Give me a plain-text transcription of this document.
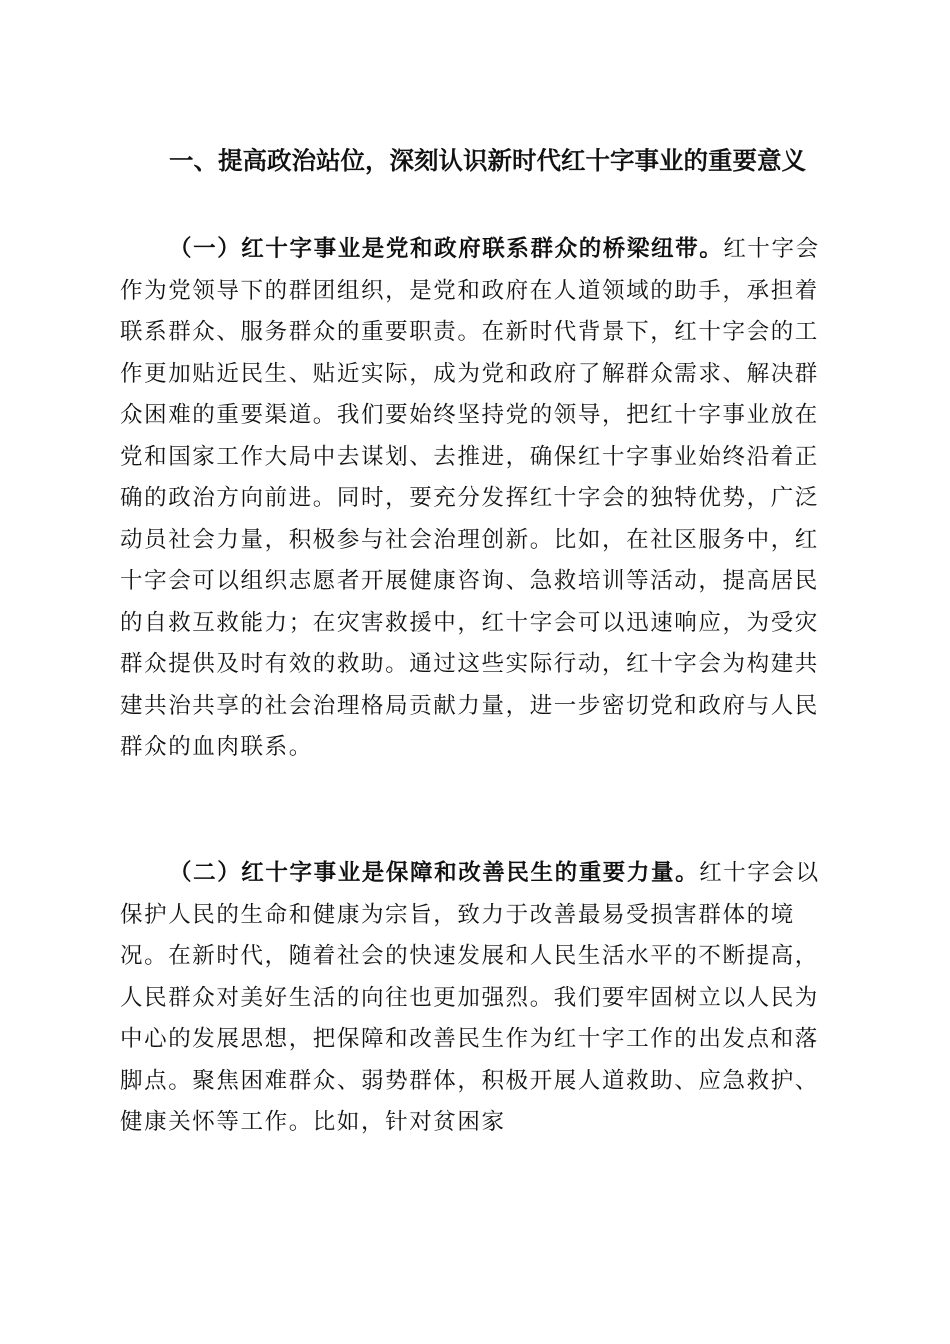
一、提高政治站位，深刻认识新时代红十字事业的重要意义

（一）红十字事业是党和政府联系群众的桥梁纽带。红十字会作为党领导下的群团组织，是党和政府在人道领域的助手，承担着联系群众、服务群众的重要职责。在新时代背景下，红十字会的工作更加贴近民生、贴近实际，成为党和政府了解群众需求、解决群众困难的重要渠道。我们要始终坚持党的领导，把红十字事业放在党和国家工作大局中去谋划、去推进，确保红十字事业始终沿着正确的政治方向前进。同时，要充分发挥红十字会的独特优势，广泛动员社会力量，积极参与社会治理创新。比如，在社区服务中，红十字会可以组织志愿者开展健康咨询、急救培训等活动，提高居民的自救互救能力；在灾害救援中，红十字会可以迅速响应，为受灾群众提供及时有效的救助。通过这些实际行动，红十字会为构建共建共治共享的社会治理格局贡献力量，进一步密切党和政府与人民群众的血肉联系。

（二）红十字事业是保障和改善民生的重要力量。红十字会以保护人民的生命和健康为宗旨，致力于改善最易受损害群体的境况。在新时代，随着社会的快速发展和人民生活水平的不断提高，人民群众对美好生活的向往也更加强烈。我们要牢固树立以人民为中心的发展思想，把保障和改善民生作为红十字工作的出发点和落脚点。聚焦困难群众、弱势群体，积极开展人道救助、应急救护、健康关怀等工作。比如，针对贫困家
